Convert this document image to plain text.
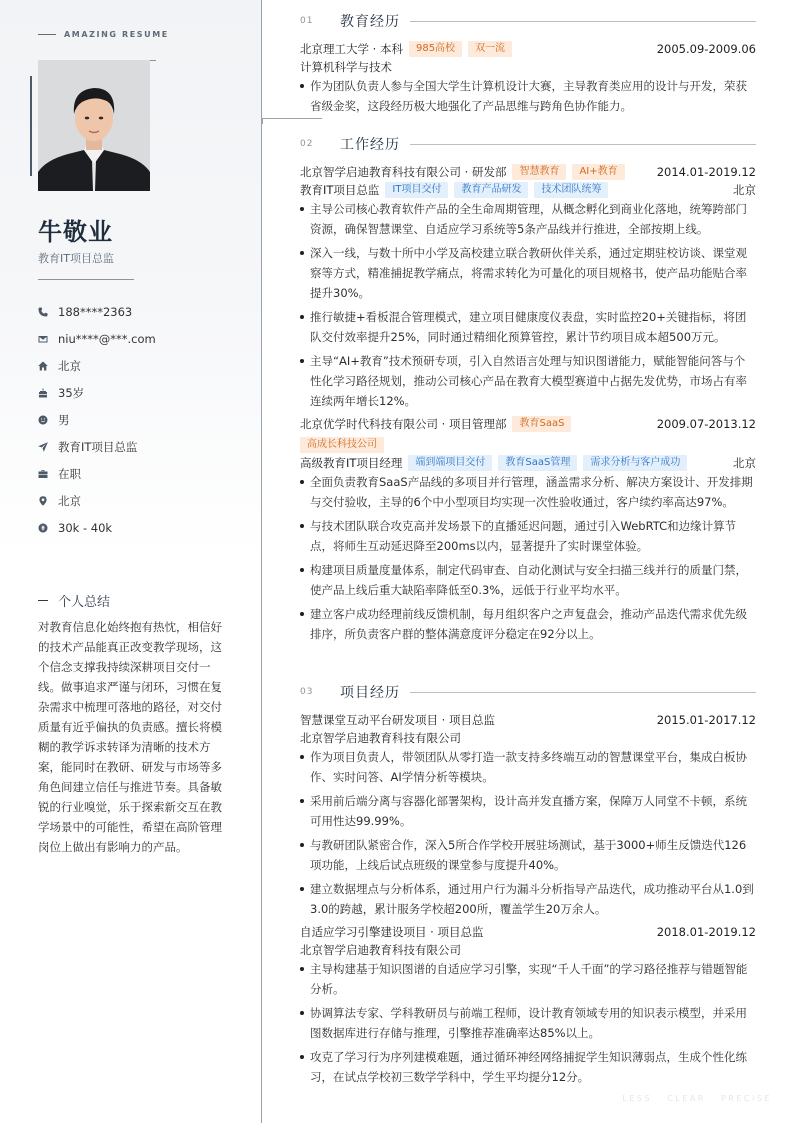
AMAZING RESUME
牛敬业
教育IT项目总监
188****2363
niu****@***.com
北京
35岁
男
教育IT项目总监
在职
北京
30k - 40k
个人总结

对教育信息化始终抱有热忱，相信好的技术产品能真正改变教学现场，这个信念支撑我持续深耕项目交付一线。做事追求严谨与闭环，习惯在复杂需求中梳理可落地的路径，对交付质量有近乎偏执的负责感。擅长将模糊的教学诉求转译为清晰的技术方案，能同时在教研、研发与市场等多角色间建立信任与推进节奏。具备敏锐的行业嗅觉，乐于探索新交互在教学场景中的可能性，希望在高阶管理岗位上做出有影响力的产品。

01	教育经历
北京理工大学 · 本科	985高校	双一流	2005.09-2009.06
计算机科学与技术
作为团队负责人参与全国大学生计算机设计大赛，主导教育类应用的设计与开发，荣获省级金奖，这段经历极大地强化了产品思维与跨角色协作能力。
02	工作经历
北京智学启迪教育科技有限公司 · 研发部	智慧教育	AI+教育	2014.01-2019.12
教育IT项目总监	IT项目交付	教育产品研发	技术团队统筹	北京
主导公司核心教育软件产品的全生命周期管理，从概念孵化到商业化落地，统筹跨部门资源，确保智慧课堂、自适应学习系统等5条产品线并行推进，全部按期上线。
深入一线，与数十所中小学及高校建立联合教研伙伴关系，通过定期驻校访谈、课堂观察等方式，精准捕捉教学痛点，将需求转化为可量化的项目规格书，使产品功能贴合率提升30%。
推行敏捷+看板混合管理模式，建立项目健康度仪表盘，实时监控20+关键指标，将团队交付效率提升25%，同时通过精细化预算管控，累计节约项目成本超500万元。
主导“AI+教育”技术预研专项，引入自然语言处理与知识图谱能力，赋能智能问答与个性化学习路径规划，推动公司核心产品在教育大模型赛道中占据先发优势，市场占有率连续两年增长12%。
北京优学时代科技有限公司 · 项目管理部	教育SaaS	2009.07-2013.12
高成长科技公司
高级教育IT项目经理	端到端项目交付	教育SaaS管理	需求分析与客户成功	北京
全面负责教育SaaS产品线的多项目并行管理，涵盖需求分析、解决方案设计、开发排期与交付验收，主导的6个中小型项目均实现一次性验收通过，客户续约率高达97%。
与技术团队联合攻克高并发场景下的直播延迟问题，通过引入WebRTC和边缘计算节点，将师生互动延迟降至200ms以内，显著提升了实时课堂体验。
构建项目质量度量体系，制定代码审查、自动化测试与安全扫描三线并行的质量门禁，使产品上线后重大缺陷率降低至0.3%，远低于行业平均水平。
建立客户成功经理前线反馈机制，每月组织客户之声复盘会，推动产品迭代需求优先级排序，所负责客户群的整体满意度评分稳定在92分以上。
03	项目经历
智慧课堂互动平台研发项目 · 项目总监	2015.01-2017.12
北京智学启迪教育科技有限公司
作为项目负责人，带领团队从零打造一款支持多终端互动的智慧课堂平台，集成白板协作、实时问答、AI学情分析等模块。
采用前后端分离与容器化部署架构，设计高并发直播方案，保障万人同堂不卡顿，系统可用性达99.99%。
与教研团队紧密合作，深入5所合作学校开展驻场测试，基于3000+师生反馈迭代126项功能，上线后试点班级的课堂参与度提升40%。
建立数据埋点与分析体系，通过用户行为漏斗分析指导产品迭代，成功推动平台从1.0到3.0的跨越，累计服务学校超200所，覆盖学生20万余人。
自适应学习引擎建设项目 · 项目总监	2018.01-2019.12
北京智学启迪教育科技有限公司
主导构建基于知识图谱的自适应学习引擎，实现“千人千面”的学习路径推荐与错题智能分析。
协调算法专家、学科教研员与前端工程师，设计教育领域专用的知识表示模型，并采用图数据库进行存储与推理，引擎推荐准确率达85%以上。
攻克了学习行为序列建模难题，通过循环神经网络捕捉学生知识薄弱点，生成个性化练习，在试点学校初三数学学科中，学生平均提分12分。
LESS · CLEAR · PRECISE
